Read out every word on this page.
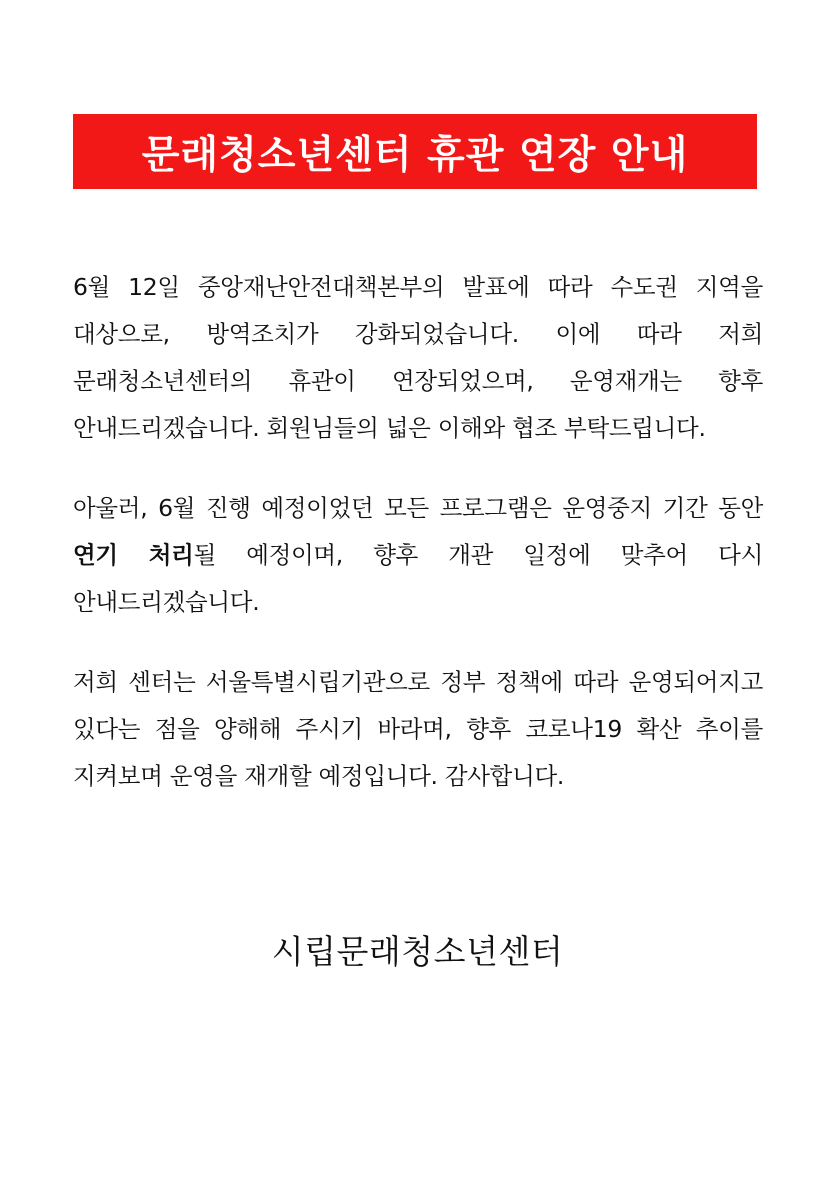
문래청소년센터 휴관 연장 안내

6월 12일 중앙재난안전대책본부의 발표에 따라 수도권 지역을 대상으로, 방역조치가 강화되었습니다. 이에 따라 저희 문래청소년센터의 휴관이 연장되었으며, 운영재개는 향후 안내드리겠습니다. 회원님들의 넓은 이해와 협조 부탁드립니다.

아울러, 6월 진행 예정이었던 모든 프로그램은 운영중지 기간 동안 연기 처리될 예정이며, 향후 개관 일정에 맞추어 다시 안내드리겠습니다.

저희 센터는 서울특별시립기관으로 정부 정책에 따라 운영되어지고 있다는 점을 양해해 주시기 바라며, 향후 코로나19 확산 추이를 지켜보며 운영을 재개할 예정입니다. 감사합니다.

시립문래청소년센터
